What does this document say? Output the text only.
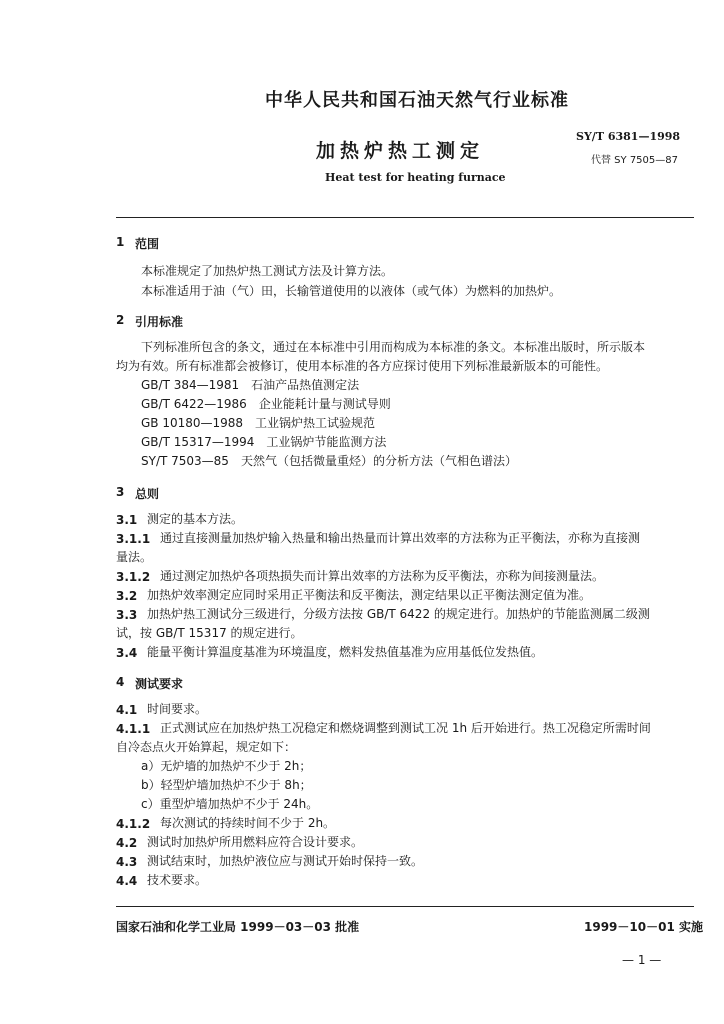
中华人民共和国石油天然气行业标准
加热炉热工测定
SY/T 6381—1998
代替 SY 7505—87
Heat test for heating furnace
1 范围
本标准规定了加热炉热工测试方法及计算方法。
本标准适用于油（气）田，长输管道使用的以液体（或气体）为燃料的加热炉。
2 引用标准
下列标准所包含的条文，通过在本标准中引用而构成为本标准的条文。本标准出版时，所示版本
均为有效。所有标准都会被修订，使用本标准的各方应探讨使用下列标准最新版本的可能性。
GB/T 384—1981　石油产品热值测定法
GB/T 6422—1986　企业能耗计量与测试导则
GB 10180—1988　工业锅炉热工试验规范
GB/T 15317—1994　工业锅炉节能监测方法
SY/T 7503—85　天然气（包括微量重烃）的分析方法（气相色谱法）
3 总则
3.1 测定的基本方法。
3.1.1 通过直接测量加热炉输入热量和输出热量而计算出效率的方法称为正平衡法，亦称为直接测
量法。
3.1.2 通过测定加热炉各项热损失而计算出效率的方法称为反平衡法，亦称为间接测量法。
3.2 加热炉效率测定应同时采用正平衡法和反平衡法，测定结果以正平衡法测定值为准。
3.3 加热炉热工测试分三级进行，分级方法按 GB/T 6422 的规定进行。加热炉的节能监测属二级测
试，按 GB/T 15317 的规定进行。
3.4 能量平衡计算温度基准为环境温度，燃料发热值基准为应用基低位发热值。
4 测试要求
4.1 时间要求。
4.1.1 正式测试应在加热炉热工况稳定和燃烧调整到测试工况 1h 后开始进行。热工况稳定所需时间
自冷态点火开始算起，规定如下：
a）无炉墙的加热炉不少于 2h；
b）轻型炉墙加热炉不少于 8h；
c）重型炉墙加热炉不少于 24h。
4.1.2 每次测试的持续时间不少于 2h。
4.2 测试时加热炉所用燃料应符合设计要求。
4.3 测试结束时，加热炉液位应与测试开始时保持一致。
4.4 技术要求。
国家石油和化学工业局 1999－03－03 批准	1999－10－01 实施
— 1 —
